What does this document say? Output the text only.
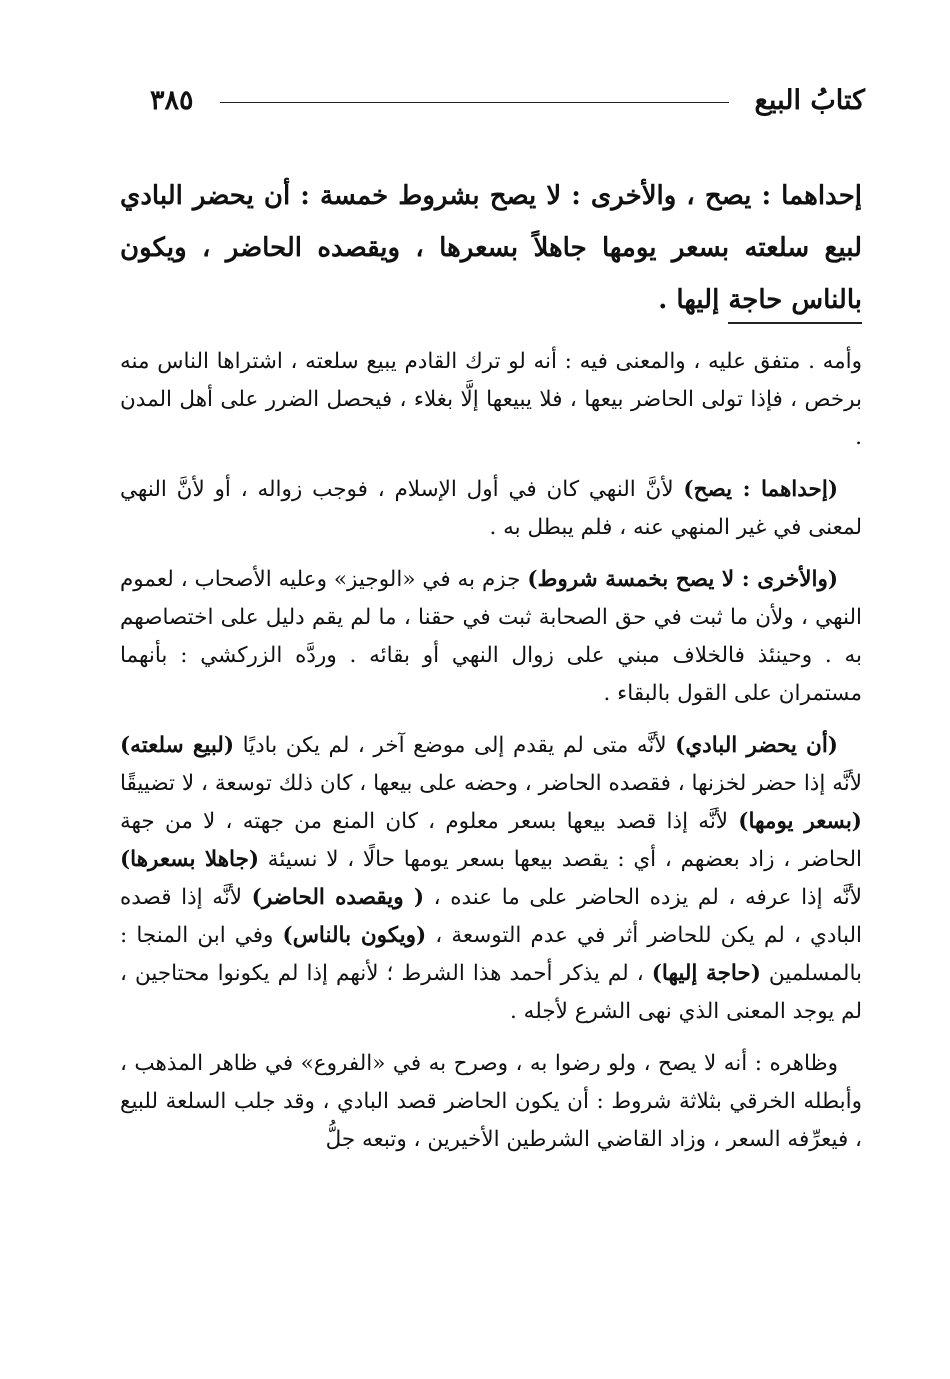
كتابُ البيع
٣٨٥
إحداهما : يصح ، والأخرى : لا يصح بشروط خمسة : أن يحضر البادي لبيع سلعته بسعر يومها جاهلاً بسعرها ، ويقصده الحاضر ، ويكون بالناس حاجة إليها .

وأمه . متفق عليه ، والمعنى فيه : أنه لو ترك القادم يبيع سلعته ، اشتراها الناس منه برخص ، فإذا تولى الحاضر بيعها ، فلا يبيعها إلَّا بغلاء ، فيحصل الضرر على أهل المدن .

(إحداهما : يصح) لأنَّ النهي كان في أول الإسلام ، فوجب زواله ، أو لأنَّ النهي لمعنى في غير المنهي عنه ، فلم يبطل به .

(والأخرى : لا يصح بخمسة شروط) جزم به في «الوجيز» وعليه الأصحاب ، لعموم النهي ، ولأن ما ثبت في حق الصحابة ثبت في حقنا ، ما لم يقم دليل على اختصاصهم به . وحينئذ فالخلاف مبني على زوال النهي أو بقائه . وردَّه الزركشي : بأنهما مستمران على القول بالبقاء .

(أن يحضر البادي) لأنَّه متى لم يقدم إلى موضع آخر ، لم يكن باديًا (لبيع سلعته) لأنَّه إذا حضر لخزنها ، فقصده الحاضر ، وحضه على بيعها ، كان ذلك توسعة ، لا تضييقًا (بسعر يومها) لأنَّه إذا قصد بيعها بسعر معلوم ، كان المنع من جهته ، لا من جهة الحاضر ، زاد بعضهم ، أي : يقصد بيعها بسعر يومها حالًا ، لا نسيئة (جاهلا بسعرها) لأنَّه إذا عرفه ، لم يزده الحاضر على ما عنده ، ( ويقصده الحاضر) لأنَّه إذا قصده البادي ، لم يكن للحاضر أثر في عدم التوسعة ، (ويكون بالناس) وفي ابن المنجا : بالمسلمين (حاجة إليها) ، لم يذكر أحمد هذا الشرط ؛ لأنهم إذا لم يكونوا محتاجين ، لم يوجد المعنى الذي نهى الشرع لأجله .

وظاهره : أنه لا يصح ، ولو رضوا به ، وصرح به في «الفروع» في ظاهر المذهب ، وأبطله الخرقي بثلاثة شروط : أن يكون الحاضر قصد البادي ، وقد جلب السلعة للبيع ، فيعرِّفه السعر ، وزاد القاضي الشرطين الأخيرين ، وتبعه جلُّ
